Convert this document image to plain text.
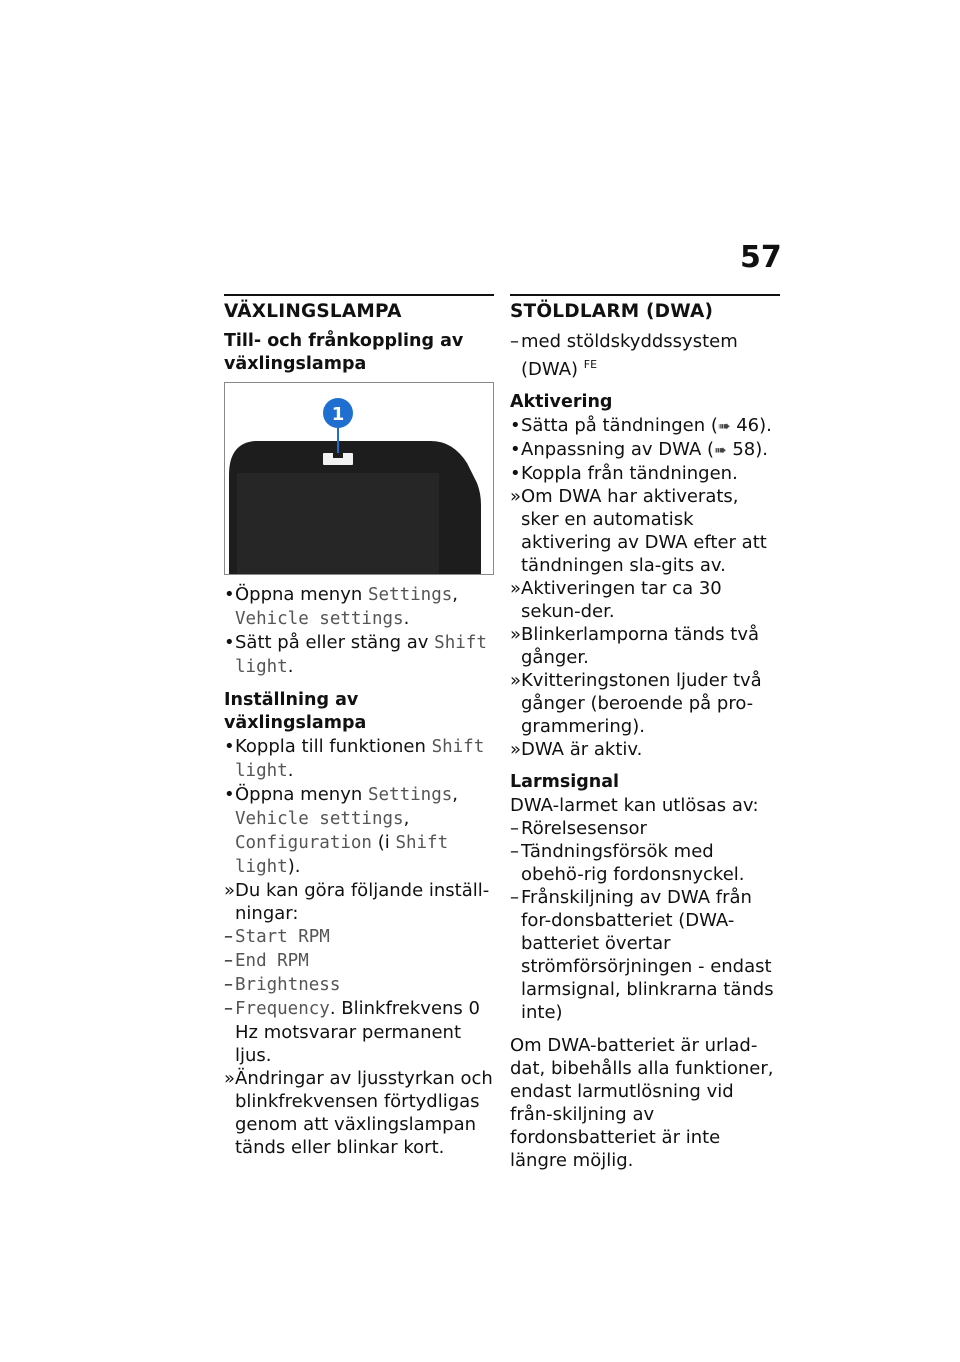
57
VÄXLINGSLAMPA
Till- och frånkoppling av växlingslampa
1
• Öppna menyn Settings, Vehicle settings.
• Sätt på eller stäng av Shift light.
Inställning av växlingslampa
• Koppla till funktionen Shift light.
• Öppna menyn Settings, Vehicle settings, Configuration (i Shift light).
» Du kan göra följande inställ-ningar:
– Start RPM
– End RPM
– Brightness
– Frequency. Blinkfrekvens 0 Hz motsvarar permanent ljus.
» Ändringar av ljusstyrkan och blinkfrekvensen förtydligas genom att växlingslampan tänds eller blinkar kort.
STÖLDLARM (DWA)
– med stöldskyddssystem (DWA) $^{FE}$
Aktivering
• Sätta på tändningen (➠ 46).
• Anpassning av DWA (➠ 58).
• Koppla från tändningen.
» Om DWA har aktiverats, sker en automatisk aktivering av DWA efter att tändningen sla-gits av.
» Aktiveringen tar ca 30 sekun-der.
» Blinkerlamporna tänds två gånger.
» Kvitteringstonen ljuder två gånger (beroende på pro-grammering).
» DWA är aktiv.
Larmsignal
DWA-larmet kan utlösas av:
– Rörelsesensor
– Tändningsförsök med obehö-rig fordonsnyckel.
– Frånskiljning av DWA från for-donsbatteriet (DWA-batteriet övertar strömförsörjningen - endast larmsignal, blinkrarna tänds inte)
Om DWA-batteriet är urlad-dat, bibehålls alla funktioner, endast larmutlösning vid från-skiljning av fordonsbatteriet är inte längre möjlig.
